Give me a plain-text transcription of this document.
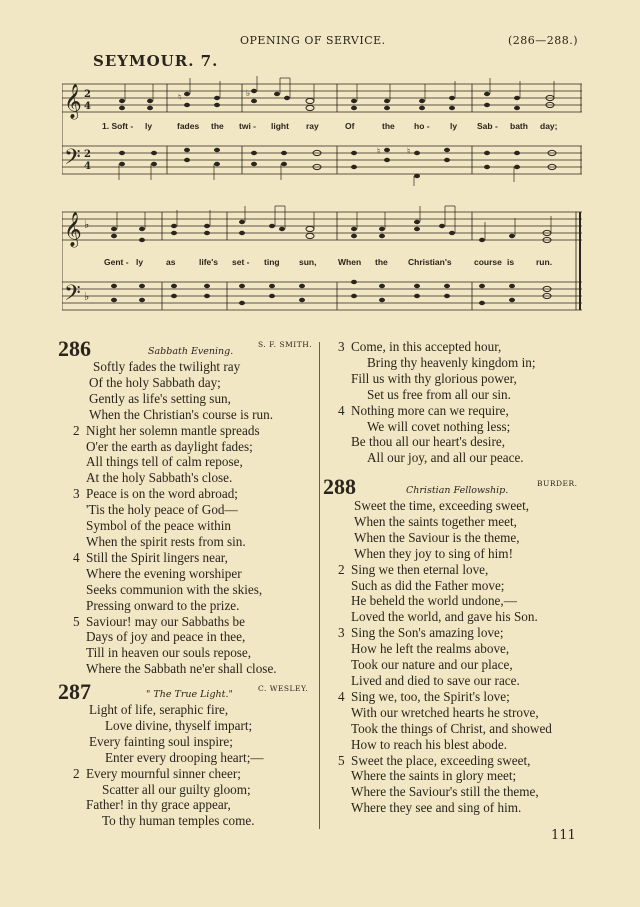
OPENING OF SERVICE.	(286—288.)
SEYMOUR. 7.
𝄞
𝄢
2
4
2
4
♮	♭
♮	♮
1. Soft - ly	fades the twi - light ray	Of	the ho - ly Sab - bath day;
𝄞
𝄢
♭
♭
Gent - ly	as	life's set - ting sun,	When the Christian's	course is	run.
286	Sabbath Evening.
S. F. SMITH.
Softly fades the twilight ray
Of the holy Sabbath day;
Gently as life's setting sun,
When the Christian's course is run.
2 Night her solemn mantle spreads
O'er the earth as daylight fades;
All things tell of calm repose,
At the holy Sabbath's close.
3 Peace is on the word abroad;
'Tis the holy peace of God—
Symbol of the peace within
When the spirit rests from sin.
4 Still the Spirit lingers near,
Where the evening worshiper
Seeks communion with the skies,
Pressing onward to the prize.
5 Saviour! may our Sabbaths be
Days of joy and peace in thee,
Till in heaven our souls repose,
Where the Sabbath ne'er shall close.
287	" The True Light."
C. WESLEY.
Light of life, seraphic fire,
Love divine, thyself impart;
Every fainting soul inspire;
Enter every drooping heart;—
2 Every mournful sinner cheer;
Scatter all our guilty gloom;
Father! in thy grace appear,
To thy human temples come.
3 Come, in this accepted hour,
Bring thy heavenly kingdom in;
Fill us with thy glorious power,
Set us free from all our sin.
4 Nothing more can we require,
We will covet nothing less;
Be thou all our heart's desire,
All our joy, and all our peace.
288	Christian Fellowship.
BURDER.
Sweet the time, exceeding sweet,
When the saints together meet,
When the Saviour is the theme,
When they joy to sing of him!
2 Sing we then eternal love,
Such as did the Father move;
He beheld the world undone,—
Loved the world, and gave his Son.
3 Sing the Son's amazing love;
How he left the realms above,
Took our nature and our place,
Lived and died to save our race.
4 Sing we, too, the Spirit's love;
With our wretched hearts he strove,
Took the things of Christ, and showed
How to reach his blest abode.
5 Sweet the place, exceeding sweet,
Where the saints in glory meet;
Where the Saviour's still the theme,
Where they see and sing of him.
111
